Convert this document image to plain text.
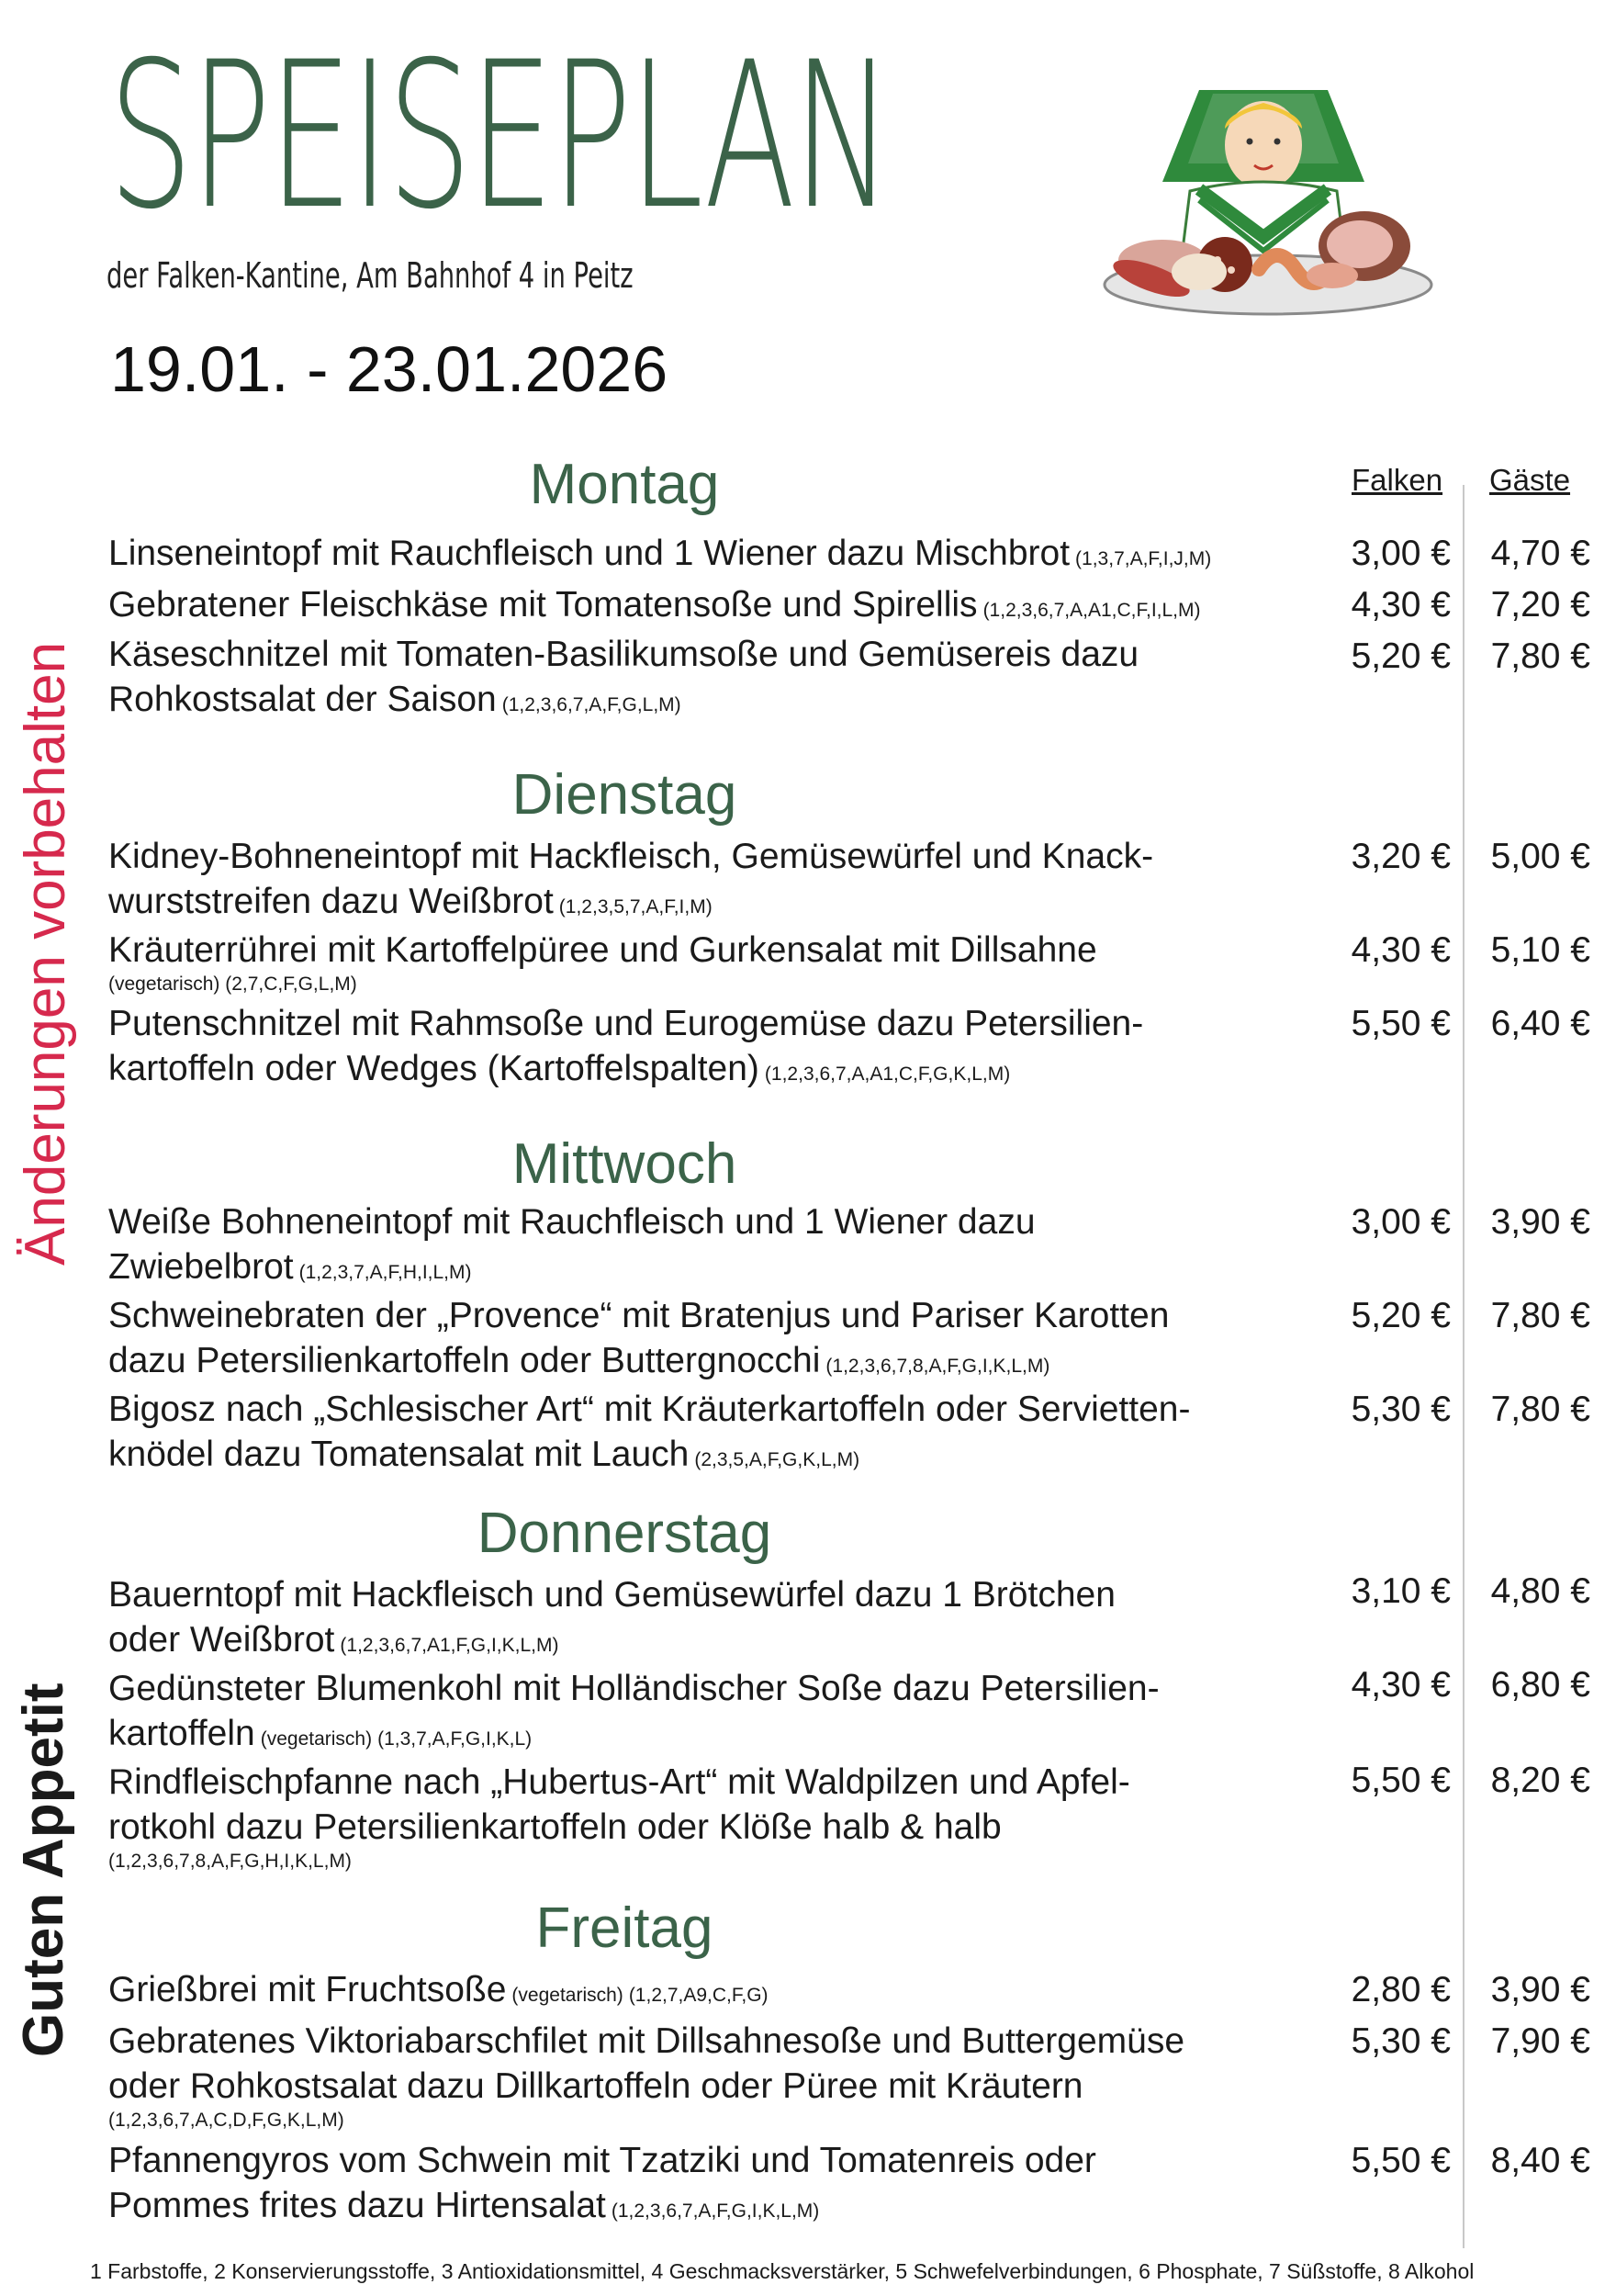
SPEISEPLAN
der Falken-Kantine, Am Bahnhof 4 in Peitz
19.01. - 23.01.2026
Änderungen vorbehalten
Guten Appetit
Falken Gäste
Montag
Linseneintopf mit Rauchfleisch und 1 Wiener dazu Mischbrot (1,3,7,A,F,I,J,M)	3,00 €	4,70 €
Gebratener Fleischkäse mit Tomatensoße und Spirellis (1,2,3,6,7,A,A1,C,F,I,L,M)	4,30 €	7,20 €
Käseschnitzel mit Tomaten-Basilikumsoße und Gemüsereis dazu
Rohkostsalat der Saison (1,2,3,6,7,A,F,G,L,M)
5,20 €	7,80 €
Dienstag
Kidney-Bohneneintopf mit Hackfleisch, Gemüsewürfel und Knack-
wurststreifen dazu Weißbrot (1,2,3,5,7,A,F,I,M)
3,20 €	5,00 €
Kräuterrührei mit Kartoffelpüree und Gurkensalat mit Dillsahne
(vegetarisch) (2,7,C,F,G,L,M)
4,30 €	5,10 €
Putenschnitzel mit Rahmsoße und Eurogemüse dazu Petersilien-
kartoffeln oder Wedges (Kartoffelspalten) (1,2,3,6,7,A,A1,C,F,G,K,L,M)
5,50 €	6,40 €
Mittwoch
Weiße Bohneneintopf mit Rauchfleisch und 1 Wiener dazu
Zwiebelbrot (1,2,3,7,A,F,H,I,L,M)
3,00 €	3,90 €
Schweinebraten der „Provence“ mit Bratenjus und Pariser Karotten
dazu Petersilienkartoffeln oder Buttergnocchi (1,2,3,6,7,8,A,F,G,I,K,L,M)
5,20 €	7,80 €
Bigosz nach „Schlesischer Art“ mit Kräuterkartoffeln oder Servietten-
knödel dazu Tomatensalat mit Lauch (2,3,5,A,F,G,K,L,M)
5,30 €	7,80 €
Donnerstag
Bauerntopf mit Hackfleisch und Gemüsewürfel dazu 1 Brötchen
oder Weißbrot (1,2,3,6,7,A1,F,G,I,K,L,M)
3,10 €	4,80 €
Gedünsteter Blumenkohl mit Holländischer Soße dazu Petersilien-
kartoffeln (vegetarisch) (1,3,7,A,F,G,I,K,L)
4,30 €	6,80 €
Rindfleischpfanne nach „Hubertus-Art“ mit Waldpilzen und Apfel-
rotkohl dazu Petersilienkartoffeln oder Klöße halb & halb
(1,2,3,6,7,8,A,F,G,H,I,K,L,M)
5,50 €	8,20 €
Freitag
Grießbrei mit Fruchtsoße (vegetarisch) (1,2,7,A9,C,F,G)	2,80 €	3,90 €
Gebratenes Viktoriabarschfilet mit Dillsahnesoße und Buttergemüse
oder Rohkostsalat dazu Dillkartoffeln oder Püree mit Kräutern
(1,2,3,6,7,A,C,D,F,G,K,L,M)
5,30 €	7,90 €
Pfannengyros vom Schwein mit Tzatziki und Tomatenreis oder
Pommes frites dazu Hirtensalat (1,2,3,6,7,A,F,G,I,K,L,M)
5,50 €	8,40 €
1 Farbstoffe, 2 Konservierungsstoffe, 3 Antioxidationsmittel, 4 Geschmacksverstärker, 5 Schwefelverbindungen, 6 Phosphate, 7 Süßstoffe, 8 Alkohol
